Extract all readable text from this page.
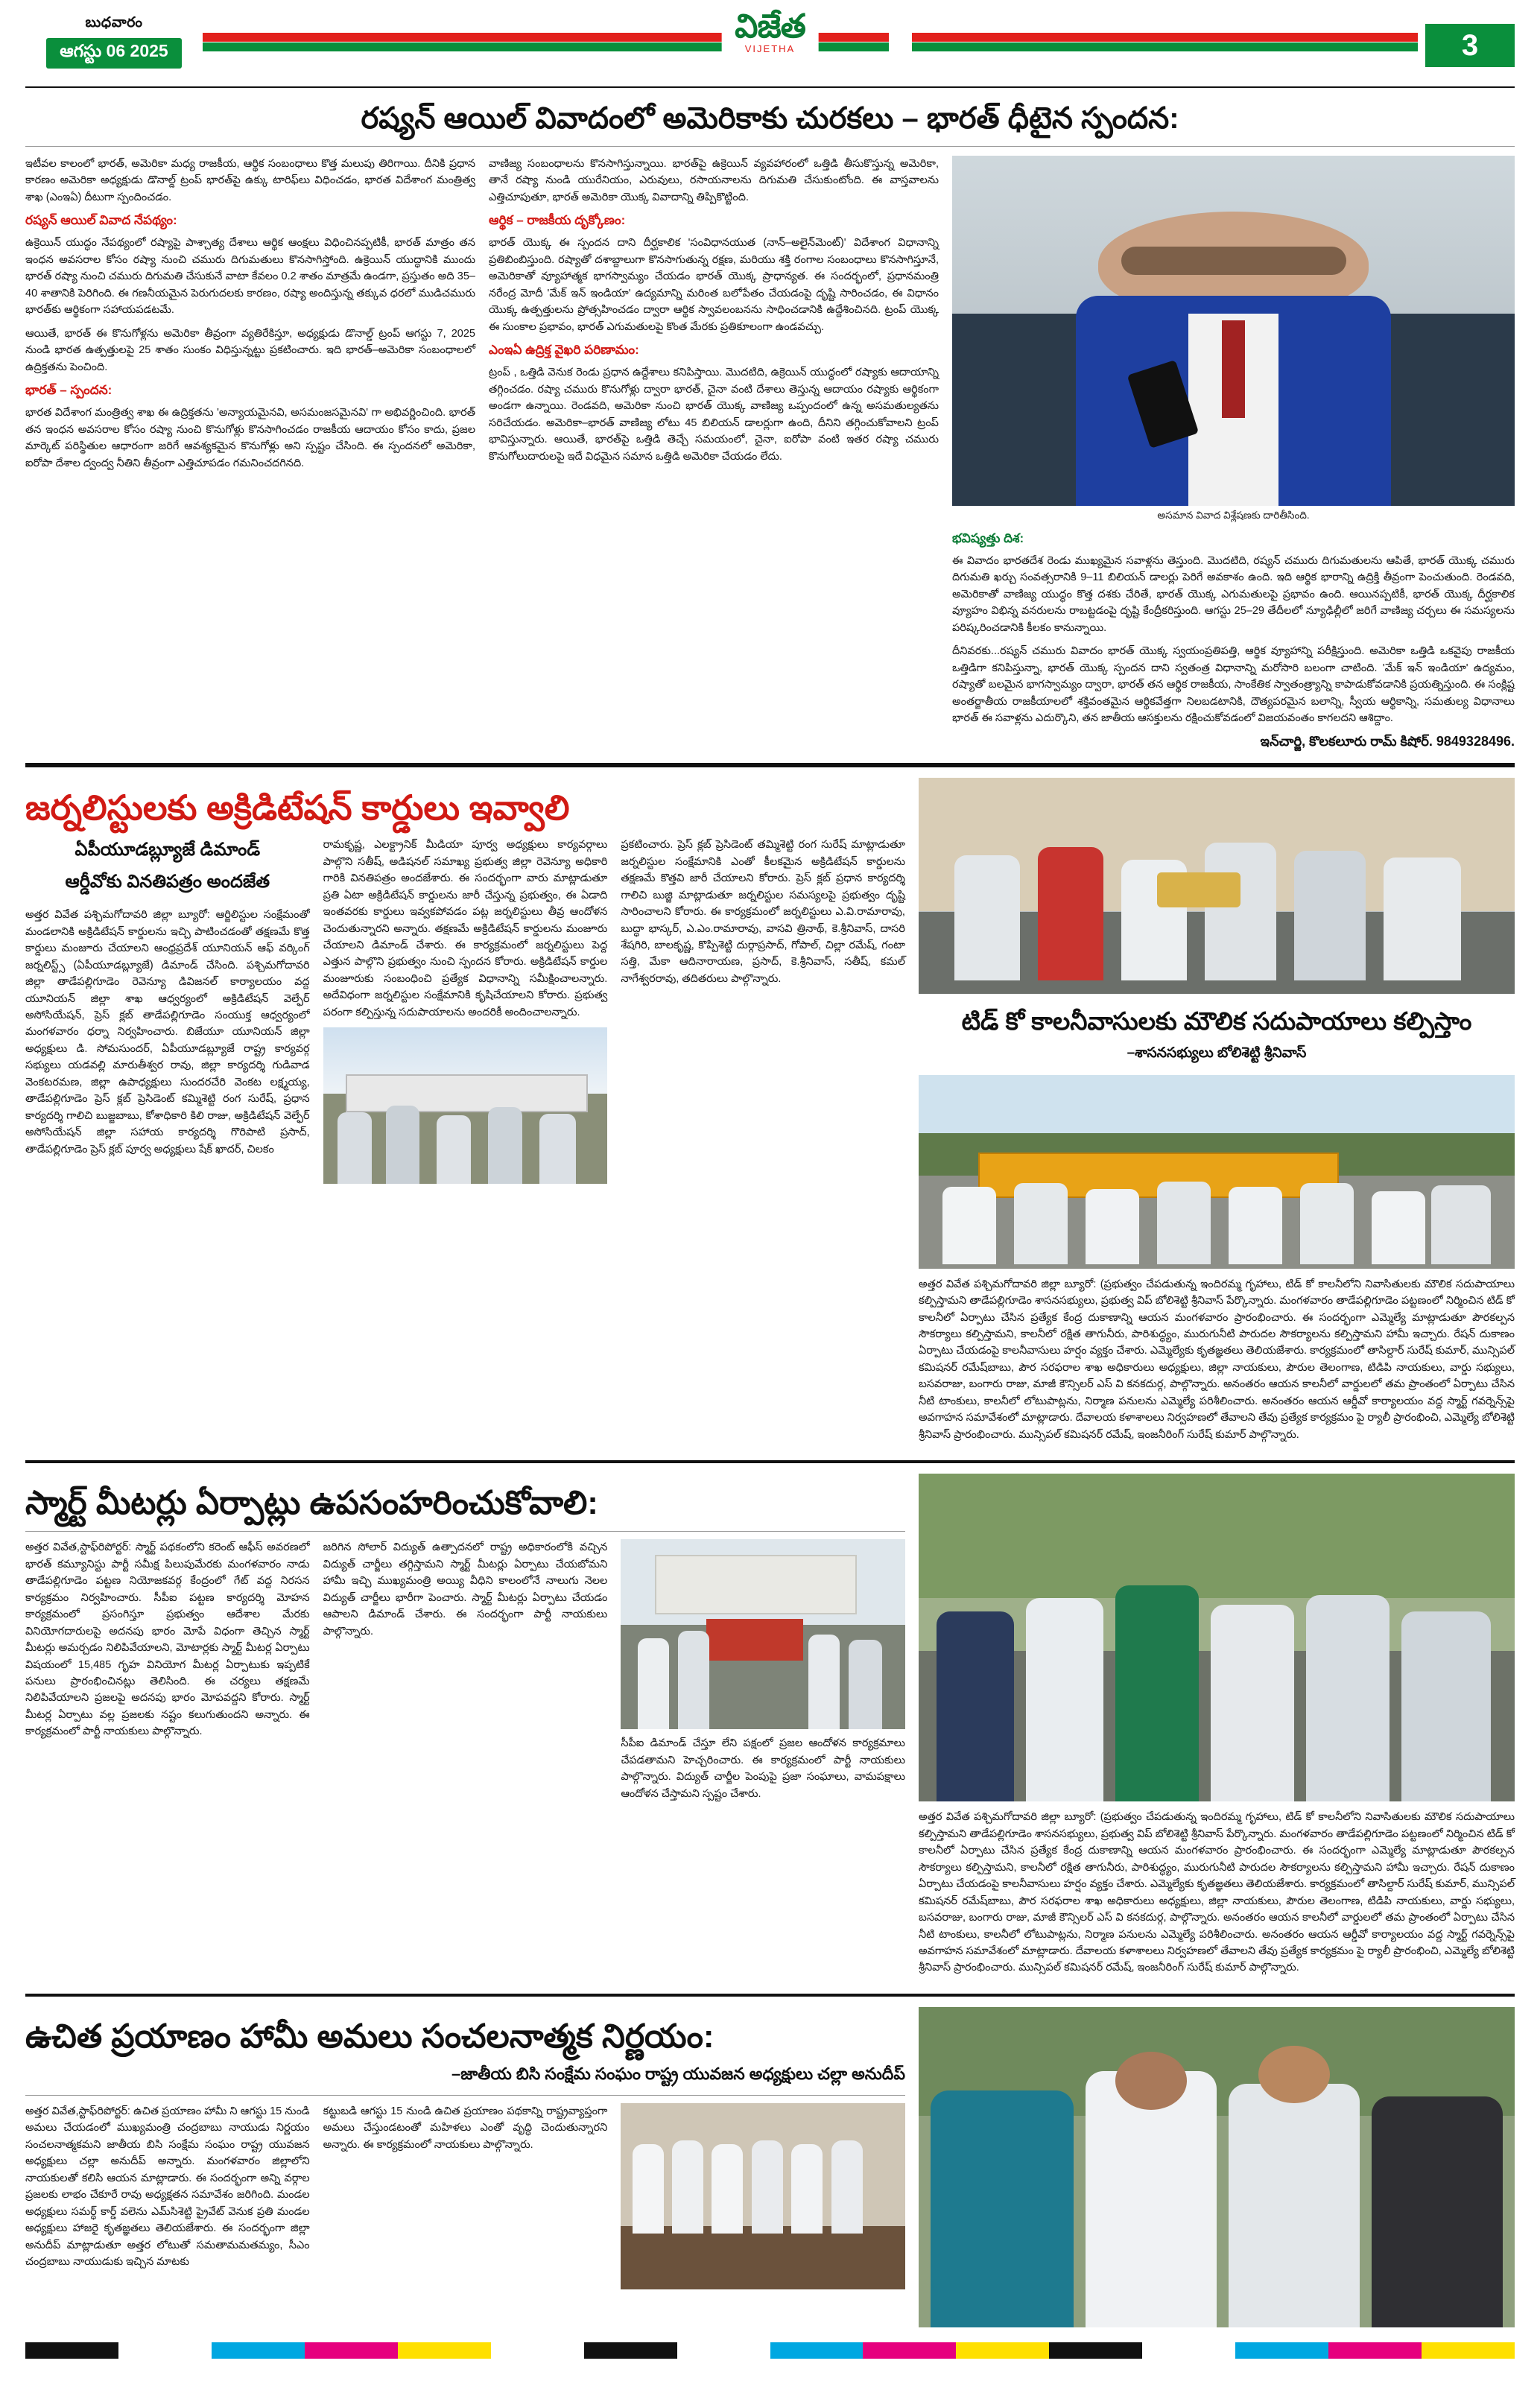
బుధవారం
ఆగస్టు 06 2025
విజేత
VIJETHA	3
రష్యన్ ఆయిల్ వివాదంలో అమెరికాకు చురకలు – భారత్ ధీటైన స్పందన:

ఇటీవల కాలంలో భారత్, అమెరికా మధ్య రాజకీయ, ఆర్థిక సంబంధాలు కొత్త మలుపు తిరిగాయి. దీనికి ప్రధాన కారణం అమెరికా అధ్యక్షుడు డొనాల్డ్ ట్రంప్ భారత్‌పై ఉక్కు టారిఫ్‌లు విధించడం, భారత విదేశాంగ మంత్రిత్వ శాఖ (ఎంఇఏ) దీటుగా స్పందించడం.

రష్యన్ ఆయిల్ వివాద నేపథ్యం:

ఉక్రెయిన్ యుద్ధం నేపథ్యంలో రష్యాపై పాశ్చాత్య దేశాలు ఆర్థిక ఆంక్షలు విధించినప్పటికీ, భారత్ మాత్రం తన ఇంధన అవసరాల కోసం రష్యా నుంచి చమురు దిగుమతులు కొనసాగిస్తోంది. ఉక్రెయిన్ యుద్ధానికి ముందు భారత్ రష్యా నుంచి చమురు దిగుమతి చేసుకునే వాటా కేవలం 0.2 శాతం మాత్రమే ఉండగా, ప్రస్తుతం అది 35–40 శాతానికి పెరిగింది. ఈ గణనీయమైన పెరుగుదలకు కారణం, రష్యా అందిస్తున్న తక్కువ ధరలో ముడిచమురు భారత్‌కు ఆర్థికంగా సహాయపడటమే.

ఆయితే, భారత్ ఈ కొనుగోళ్లను అమెరికా తీవ్రంగా వ్యతిరేకిస్తూ, అధ్యక్షుడు డొనాల్డ్ ట్రంప్ ఆగస్టు 7, 2025 నుండి భారత ఉత్పత్తులపై 25 శాతం సుంకం విధిస్తున్నట్టు ప్రకటించారు. ఇది భారత్–అమెరికా సంబంధాలలో ఉద్రిక్తతను పెంచింది.

భారత్ – స్పందన:

భారత విదేశాంగ మంత్రిత్వ శాఖ ఈ ఉద్రిక్తతను 'అన్యాయమైనవి, అసమంజసమైనవి' గా అభివర్ణించింది. భారత్ తన ఇంధన అవసరాల కోసం రష్యా నుంచి కొనుగోళ్లు కొనసాగించడం రాజకీయ ఆదాయం కోసం కాదు, ప్రజల మార్కెట్ పరిస్థితుల ఆధారంగా జరిగే ఆవశ్యకమైన కొనుగోళ్లు అని స్పష్టం చేసింది. ఈ స్పందనలో అమెరికా, ఐరోపా దేశాల ద్వంద్వ నీతిని తీవ్రంగా ఎత్తిచూపడం గమనించదగినది.

వాణిజ్య సంబంధాలను కొనసాగిస్తున్నాయి. భారత్‌పై ఉక్రెయిన్ వ్యవహారంలో ఒత్తిడి తీసుకొస్తున్న అమెరికా, తానే రష్యా నుండి యురేనియం, ఎరువులు, రసాయనాలను దిగుమతి చేసుకుంటోంది. ఈ వాస్తవాలను ఎత్తిచూపుతూ, భారత్ అమెరికా యొక్క వివాదాన్ని తిప్పికొట్టింది.

ఆర్థిక – రాజకీయ దృక్కోణం:

భారత్ యొక్క ఈ స్పందన దాని దీర్ఘకాలిక 'సంవిధానయుత (నాన్–అలైన్‌మెంట్)' విదేశాంగ విధానాన్ని ప్రతిబింబిస్తుంది. రష్యాతో దశాబ్దాలుగా కొనసాగుతున్న రక్షణ, మరియు శక్తి రంగాల సంబంధాలు కొనసాగిస్తూనే, అమెరికాతో వ్యూహాత్మక భాగస్వామ్యం చేయడం భారత్ యొక్క ప్రాధాన్యత. ఈ సందర్భంలో, ప్రధానమంత్రి నరేంద్ర మోదీ 'మేక్ ఇన్ ఇండియా' ఉద్యమాన్ని మరింత బలోపేతం చేయడంపై దృష్టి సారించడం, ఈ విధానం యొక్క ఉత్పత్తులను ప్రోత్సహించడం ద్వారా ఆర్థిక స్వావలంబనను సాధించడానికి ఉద్దేశించినది. ట్రంప్ యొక్క ఈ సుంకాల ప్రభావం, భారత్ ఎగుమతులపై కొంత మేరకు ప్రతికూలంగా ఉండవచ్చు.

ఎంఇఏ ఉద్రిక్త వైఖరి పరిణామం:

ట్రంప్ , ఒత్తిడి వెనుక రెండు ప్రధాన ఉద్దేశాలు కనిపిస్తాయి. మొదటిది, ఉక్రెయిన్ యుద్ధంలో రష్యాకు ఆదాయాన్ని తగ్గించడం. రష్యా చమురు కొనుగోళ్లు ద్వారా భారత్, చైనా వంటి దేశాలు తెస్తున్న ఆదాయం రష్యాకు ఆర్థికంగా అండగా ఉన్నాయి. రెండవది, అమెరికా నుంచి భారత్ యొక్క వాణిజ్య ఒప్పందంలో ఉన్న అసమతుల్యతను సరిచేయడం. అమెరికా–భారత్ వాణిజ్య లోటు 45 బిలియన్ డాలర్లుగా ఉంది, దీనిని తగ్గించుకోవాలని ట్రంప్ భావిస్తున్నారు. ఆయితే, భారత్‌పై ఒత్తిడి తెచ్చే సమయంలో, చైనా, ఐరోపా వంటి ఇతర రష్యా చమురు కొనుగోలుదారులపై ఇదే విధమైన సమాన ఒత్తిడి అమెరికా చేయడం లేదు.

అసమాన వివాద విశ్లేషణకు దారితీసింది.
భవిష్యత్తు దిశ:

ఈ వివాదం భారతదేశ రెండు ముఖ్యమైన సవాళ్లను తెస్తుంది. మొదటిది, రష్యన్ చమురు దిగుమతులను ఆపితే, భారత్ యొక్క చమురు దిగుమతి ఖర్చు సంవత్సరానికి 9–11 బిలియన్ డాలర్లు పెరిగే అవకాశం ఉంది. ఇది ఆర్థిక భారాన్ని ఉద్రిక్తి తీవ్రంగా పెంచుతుంది. రెండవది, అమెరికాతో వాణిజ్య యుద్ధం కొత్త దశకు చేరితే, భారత్ యొక్క ఎగుమతులపై ప్రభావం ఉంది. ఆయినప్పటికీ, భారత్ యొక్క దీర్ఘకాలిక వ్యూహం విభిన్న వనరులను రాబట్టడంపై దృష్టి కేంద్రీకరిస్తుంది. ఆగస్టు 25–29 తేదీలలో న్యూఢిల్లీలో జరిగే వాణిజ్య చర్చలు ఈ సమస్యలను పరిష్కరించడానికి కీలకం కానున్నాయి.

దీనివరకు...రష్యన్ చమురు వివాదం భారత్ యొక్క స్వయంప్రతిపత్తి, ఆర్థిక వ్యూహాన్ని పరీక్షిస్తుంది. అమెరికా ఒత్తిడి ఒకవైపు రాజకీయ ఒత్తిడిగా కనిపిస్తున్నా, భారత్ యొక్క స్పందన దాని స్వతంత్ర విధానాన్ని మరోసారి బలంగా చాటింది. 'మేక్ ఇన్ ఇండియా' ఉద్యమం, రష్యాతో బలమైన భాగస్వామ్యం ద్వారా, భారత్ తన ఆర్థిక రాజకీయ, సాంకేతిక స్వాతంత్ర్యాన్ని కాపాడుకోవడానికి ప్రయత్నిస్తుంది. ఈ సంక్లిష్ట అంతర్జాతీయ రాజకీయాలలో శక్తివంతమైన ఆర్థికవేత్తగా నిలబడటానికి, దౌత్యపరమైన బలాన్ని, స్వీయ ఆర్థికాన్ని, సమతుల్య విధానాలు భారత్ ఈ సవాళ్లను ఎదుర్కొని, తన జాతీయ ఆసక్తులను రక్షించుకోవడంలో విజయవంతం కాగలదని ఆశిద్దాం.

ఇన్‌చార్జి, కొలకలూరు రామ్ కిషోర్. 9849328496.
జర్నలిస్టులకు అక్రిడిటేషన్ కార్డులు ఇవ్వాలి
ఏపీయూడబ్ల్యూజే డిమాండ్
ఆర్డీవోకు వినతిపత్రం అందజేత

అత్తర వివేత పశ్చిమగోదావరి జిల్లా బ్యూరో: ఆర్జిలిస్టుల సంక్షేమంతో మండలానికి అక్రిడిటేషన్ కార్డులను ఇచ్చి పాటించడంతో తక్షణమే కొత్త కార్డులు మంజూరు చేయాలని ఆంధ్రప్రదేశ్ యూనియన్ ఆఫ్ వర్కింగ్ జర్నలిస్ట్స్ (ఏపీయూడబ్ల్యూజే) డిమాండ్ చేసింది. పశ్చిమగోదావరి జిల్లా తాడేపల్లిగూడెం రెవెన్యూ డివిజనల్ కార్యాలయం వద్ద యూనియన్ జిల్లా శాఖ ఆధ్వర్యంలో అక్రిడిటేషన్ వెల్ఫేర్ అసోసియేషన్, ప్రెస్ క్లబ్ తాడేపల్లిగూడెం సంయుక్త ఆధ్వర్యంలో మంగళవారం ధర్నా నిర్వహించారు. బిజేయూ యూనియన్ జిల్లా అధ్యక్షులు డి. సోమసుందర్, ఏపీయూడబ్ల్యూజే రాష్ట్ర కార్యవర్గ సభ్యులు యడవల్లి మారుతీశ్వర రావు, జిల్లా కార్యదర్శి గుడివాడ వెంకటరమణ, జిల్లా ఉపాధ్యక్షులు సుందరచేరి వెంకట లక్ష్మయ్య, తాడేపల్లిగూడెం ప్రెస్ క్లబ్ ప్రెసిడెంట్ కమ్మిశెట్టి రంగ సురేష్, ప్రధాన కార్యదర్శి గాలిచి బుజ్జబాబు, కోశాధికారి కిలి రాజు, అక్రిడిటేషన్ వెల్ఫేర్ అసోసియేషన్ జిల్లా సహాయ కార్యదర్శి గొరిపాటి ప్రసాద్, తాడేపల్లిగూడెం ప్రెస్ క్లబ్ పూర్వ అధ్యక్షులు షేక్ ఖాదర్, చిలకం

రామకృష్ణ, ఎలక్ట్రానిక్ మీడియా పూర్వ అధ్యక్షులు కార్యవర్గాలు పాల్గొని సతీష్, అడిషనల్ సమాఖ్య ప్రభుత్వ జిల్లా రెవెన్యూ అధికారి గారికి వినతిపత్రం అందజేశారు. ఈ సందర్భంగా వారు మాట్లాడుతూ ప్రతి ఏటా అక్రిడిటేషన్ కార్డులను జారీ చేస్తున్న ప్రభుత్వం, ఈ ఏడాది ఇంతవరకు కార్డులు ఇవ్వకపోవడం పట్ల జర్నలిస్టులు తీవ్ర ఆందోళన చెందుతున్నారని అన్నారు. తక్షణమే అక్రిడిటేషన్ కార్డులను మంజూరు చేయాలని డిమాండ్ చేశారు. ఈ కార్యక్రమంలో జర్నలిస్టులు పెద్ద ఎత్తున పాల్గొని ప్రభుత్వం నుంచి స్పందన కోరారు. అక్రిడిటేషన్ కార్డుల మంజూరుకు సంబంధించి ప్రత్యేక విధానాన్ని సమీక్షించాలన్నారు. అదేవిధంగా జర్నలిస్టుల సంక్షేమానికి కృషిచేయాలని కోరారు. ప్రభుత్వ పరంగా కల్పిస్తున్న సదుపాయాలను అందరికీ అందించాలన్నారు.

ప్రకటించారు. ప్రెస్ క్లబ్ ప్రెసిడెంట్ తమ్మిశెట్టి రంగ సురేష్ మాట్లాడుతూ జర్నలిస్టుల సంక్షేమానికి ఎంతో కీలకమైన అక్రిడిటేషన్ కార్డులను తక్షణమే కొత్తవి జారీ చేయాలని కోరారు. ప్రెస్ క్లబ్ ప్రధాన కార్యదర్శి గాలిచి బుజ్జి మాట్లాడుతూ జర్నలిస్టుల సమస్యలపై ప్రభుత్వం దృష్టి సారించాలని కోరారు. ఈ కార్యక్రమంలో జర్నలిస్టులు ఎ.వి.రామారావు, బుద్ధా భాస్కర్, ఎ.ఎం.రామారావు, వాసవి త్రినాథ్, కె.శ్రీనివాస్, దాసరి శేషగిరి, బాలకృష్ణ, కొప్పిశెట్టి దుర్గాప్రసాద్, గోపాల్, చిల్లా రమేష్, గంటా సత్తి, మేకా ఆదినారాయణ, ప్రసాద్, కె.శ్రీనివాస్, సతీష్, కమల్ నాగేశ్వరరావు, తదితరులు పాల్గొన్నారు.

టిడ్ కో కాలనీవాసులకు మౌలిక సదుపాయాలు కల్పిస్తాం
–శాసనసభ్యులు బోలిశెట్టి శ్రీనివాస్

అత్తర వివేత పశ్చిమగోదావరి జిల్లా బ్యూరో: (ప్రభుత్వం చేపడుతున్న ఇందిరమ్మ గృహాలు, టిడ్ కో కాలనీలోని నివాసితులకు మౌలిక సదుపాయాలు కల్పిస్తామని తాడేపల్లిగూడెం శాసనసభ్యులు, ప్రభుత్వ విప్ బోలిశెట్టి శ్రీనివాస్ పేర్కొన్నారు. మంగళవారం తాడేపల్లిగూడెం పట్టణంలో నిర్మించిన టిడ్ కో కాలనీలో ఏర్పాటు చేసిన ప్రత్యేక కేంద్ర దుకాణాన్ని ఆయన మంగళవారం ప్రారంభించారు. ఈ సందర్భంగా ఎమ్మెల్యే మాట్లాడుతూ పౌరకల్పన సౌకర్యాలు కల్పిస్తామని, కాలనీలో రక్షిత తాగునీరు, పారిశుద్ధ్యం, మురుగునీటి పారుదల సౌకర్యాలను కల్పిస్తామని హామీ ఇచ్చారు. రేషన్ దుకాణం ఏర్పాటు చేయడంపై కాలనీవాసులు హర్షం వ్యక్తం చేశారు. ఎమ్మెల్యేకు కృతజ్ఞతలు తెలియజేశారు. కార్యక్రమంలో తాసిల్దార్ సురేష్ కుమార్, మున్సిపల్ కమిషనర్ రమేష్‌బాబు, పౌర సరఫరాల శాఖ అధికారులు అధ్యక్షులు, జిల్లా నాయకులు, పౌరుల తెలంగాణ, టిడిపి నాయకులు, వార్డు సభ్యులు, బసవరాజు, బంగారు రాజు, మాజీ కౌన్సిలర్ ఎస్ వి కనకదుర్గ, పాల్గొన్నారు. అనంతరం ఆయన కాలనీలో వార్డులలో తమ ప్రాంతంలో ఏర్పాటు చేసిన నీటి టాంకులు, కాలనీలో లోటుపాట్లను, నిర్మాణ పనులను ఎమ్మెల్యే పరిశీలించారు. అనంతరం ఆయన ఆర్డీవో కార్యాలయం వద్ద స్మార్ట్ గవర్నెన్స్‌పై అవగాహన సమావేశంలో మాట్లాడారు. దేవాలయ కళాశాలలు నిర్వహణలో తేవాలని తేవు ప్రత్యేక కార్యక్రమం పై ర్యాలీ ప్రారంభించి, ఎమ్మెల్యే బోలిశెట్టి శ్రీనివాస్ ప్రారంభించారు. మున్సిపల్ కమిషనర్ రమేష్, ఇంజనీరింగ్ సురేష్ కుమార్ పాల్గొన్నారు.

స్మార్ట్ మీటర్లు ఏర్పాట్లు ఉపసంహరించుకోవాలి:

అత్తర వివేత,స్టాఫ్‌రిపోర్టర్: స్మార్ట్ పథకంలోని కరెంట్ ఆఫీస్ అవరణలో భారత్ కమ్యూనిస్టు పార్టీ సమీక్ష పిలుపుమేరకు మంగళవారం నాడు తాడేపల్లిగూడెం పట్టణ నియోజకవర్గ కేంద్రంలో గేట్ వద్ద నిరసన కార్యక్రమం నిర్వహించారు. సీపీఐ పట్టణ కార్యదర్శి మోహన కార్యక్రమంలో ప్రసంగిస్తూ ప్రభుత్వం ఆదేశాల మేరకు వినియోగదారులపై అదనపు భారం మోపే విధంగా తెచ్చిన స్మార్ట్ మీటర్లు అమర్చడం నిలిపివేయాలని, మోటార్లకు స్మార్ట్ మీటర్ల ఏర్పాటు విషయంలో 15,485 గృహ వినియోగ మీటర్ల ఏర్పాటుకు ఇప్పటికే పనులు ప్రారంభించినట్లు తెలిసింది. ఈ చర్యలు తక్షణమే నిలిపివేయాలని ప్రజలపై అదనపు భారం మోపవద్దని కోరారు. స్మార్ట్ మీటర్ల ఏర్పాటు వల్ల ప్రజలకు నష్టం కలుగుతుందని అన్నారు. ఈ కార్యక్రమంలో పార్టీ నాయకులు పాల్గొన్నారు.

జరిగిన సోలార్ విద్యుత్ ఉత్పాదనలో రాష్ట్ర అధికారంలోకి వచ్చిన విద్యుత్ చార్జీలు తగ్గిస్తామని స్మార్ట్ మీటర్లు ఏర్పాటు చేయబోమని హామీ ఇచ్చి ముఖ్యమంత్రి అయ్యి వీధిని కాలంలోనే నాలుగు నెలల విద్యుత్ చార్జీలు భారీగా పెంచారు. స్మార్ట్ మీటర్లు ఏర్పాటు చేయడం ఆపాలని డిమాండ్ చేశారు. ఈ సందర్భంగా పార్టీ నాయకులు పాల్గొన్నారు.

సీపీఐ డిమాండ్ చేస్తూ లేని పక్షంలో ప్రజల ఆందోళన కార్యక్రమాలు చేపడతామని హెచ్చరించారు. ఈ కార్యక్రమంలో పార్టీ నాయకులు పాల్గొన్నారు. విద్యుత్ చార్జీల పెంపుపై ప్రజా సంఘాలు, వామపక్షాలు ఆందోళన చేస్తామని స్పష్టం చేశారు.

అత్తర వివేత పశ్చిమగోదావరి జిల్లా బ్యూరో: (ప్రభుత్వం చేపడుతున్న ఇందిరమ్మ గృహాలు, టిడ్ కో కాలనీలోని నివాసితులకు మౌలిక సదుపాయాలు కల్పిస్తామని తాడేపల్లిగూడెం శాసనసభ్యులు, ప్రభుత్వ విప్ బోలిశెట్టి శ్రీనివాస్ పేర్కొన్నారు. మంగళవారం తాడేపల్లిగూడెం పట్టణంలో నిర్మించిన టిడ్ కో కాలనీలో ఏర్పాటు చేసిన ప్రత్యేక కేంద్ర దుకాణాన్ని ఆయన మంగళవారం ప్రారంభించారు. ఈ సందర్భంగా ఎమ్మెల్యే మాట్లాడుతూ పౌరకల్పన సౌకర్యాలు కల్పిస్తామని, కాలనీలో రక్షిత తాగునీరు, పారిశుద్ధ్యం, మురుగునీటి పారుదల సౌకర్యాలను కల్పిస్తామని హామీ ఇచ్చారు. రేషన్ దుకాణం ఏర్పాటు చేయడంపై కాలనీవాసులు హర్షం వ్యక్తం చేశారు. ఎమ్మెల్యేకు కృతజ్ఞతలు తెలియజేశారు. కార్యక్రమంలో తాసిల్దార్ సురేష్ కుమార్, మున్సిపల్ కమిషనర్ రమేష్‌బాబు, పౌర సరఫరాల శాఖ అధికారులు అధ్యక్షులు, జిల్లా నాయకులు, పౌరుల తెలంగాణ, టిడిపి నాయకులు, వార్డు సభ్యులు, బసవరాజు, బంగారు రాజు, మాజీ కౌన్సిలర్ ఎస్ వి కనకదుర్గ, పాల్గొన్నారు. అనంతరం ఆయన కాలనీలో వార్డులలో తమ ప్రాంతంలో ఏర్పాటు చేసిన నీటి టాంకులు, కాలనీలో లోటుపాట్లను, నిర్మాణ పనులను ఎమ్మెల్యే పరిశీలించారు. అనంతరం ఆయన ఆర్డీవో కార్యాలయం వద్ద స్మార్ట్ గవర్నెన్స్‌పై అవగాహన సమావేశంలో మాట్లాడారు. దేవాలయ కళాశాలలు నిర్వహణలో తేవాలని తేవు ప్రత్యేక కార్యక్రమం పై ర్యాలీ ప్రారంభించి, ఎమ్మెల్యే బోలిశెట్టి శ్రీనివాస్ ప్రారంభించారు. మున్సిపల్ కమిషనర్ రమేష్, ఇంజనీరింగ్ సురేష్ కుమార్ పాల్గొన్నారు.

ఉచిత ప్రయాణం హామీ అమలు సంచలనాత్మక నిర్ణయం:
–జాతీయ బిసి సంక్షేమ సంఘం రాష్ట్ర యువజన అధ్యక్షులు చల్లా అనుదీప్

అత్తర వివేత,స్టాఫ్‌రిపోర్టర్: ఉచిత ప్రయాణం హామీ ని ఆగస్టు 15 నుండి అమలు చేయడంలో ముఖ్యమంత్రి చంద్రబాబు నాయుడు నిర్ణయం సంచలనాత్మకమని జాతీయ బిసి సంక్షేమ సంఘం రాష్ట్ర యువజన అధ్యక్షులు చల్లా అనుదీప్ అన్నారు. మంగళవారం జిల్లాలోని నాయకులతో కలిసి ఆయన మాట్లాడారు. ఈ సందర్భంగా అన్ని వర్గాల ప్రజలకు లాభం చేకూరే రావు అధ్యక్షతన సమావేశం జరిగింది. మండల అధ్యక్షులు సమర్ధ్ కార్డ్ వలెను ఎమ్‌సిశెట్టి ప్రైవేట్ వెనుక ప్రతి మండల అధ్యక్షులు హాజరై కృతజ్ఞతలు తెలియజేశారు. ఈ సందర్భంగా జిల్లా అనుదీప్ మాట్లాడుతూ అత్తర లోటుతో సమతామమతమ్యం, సీఎం చంద్రబాబు నాయుడుకు ఇచ్చిన మాటకు

కట్టుబడి ఆగస్టు 15 నుండి ఉచిత ప్రయాణం పథకాన్ని రాష్ట్రవ్యాప్తంగా అమలు చేస్తుండటంతో మహిళలు ఎంతో వృద్ధి చెందుతున్నారని అన్నారు. ఈ కార్యక్రమంలో నాయకులు పాల్గొన్నారు.
